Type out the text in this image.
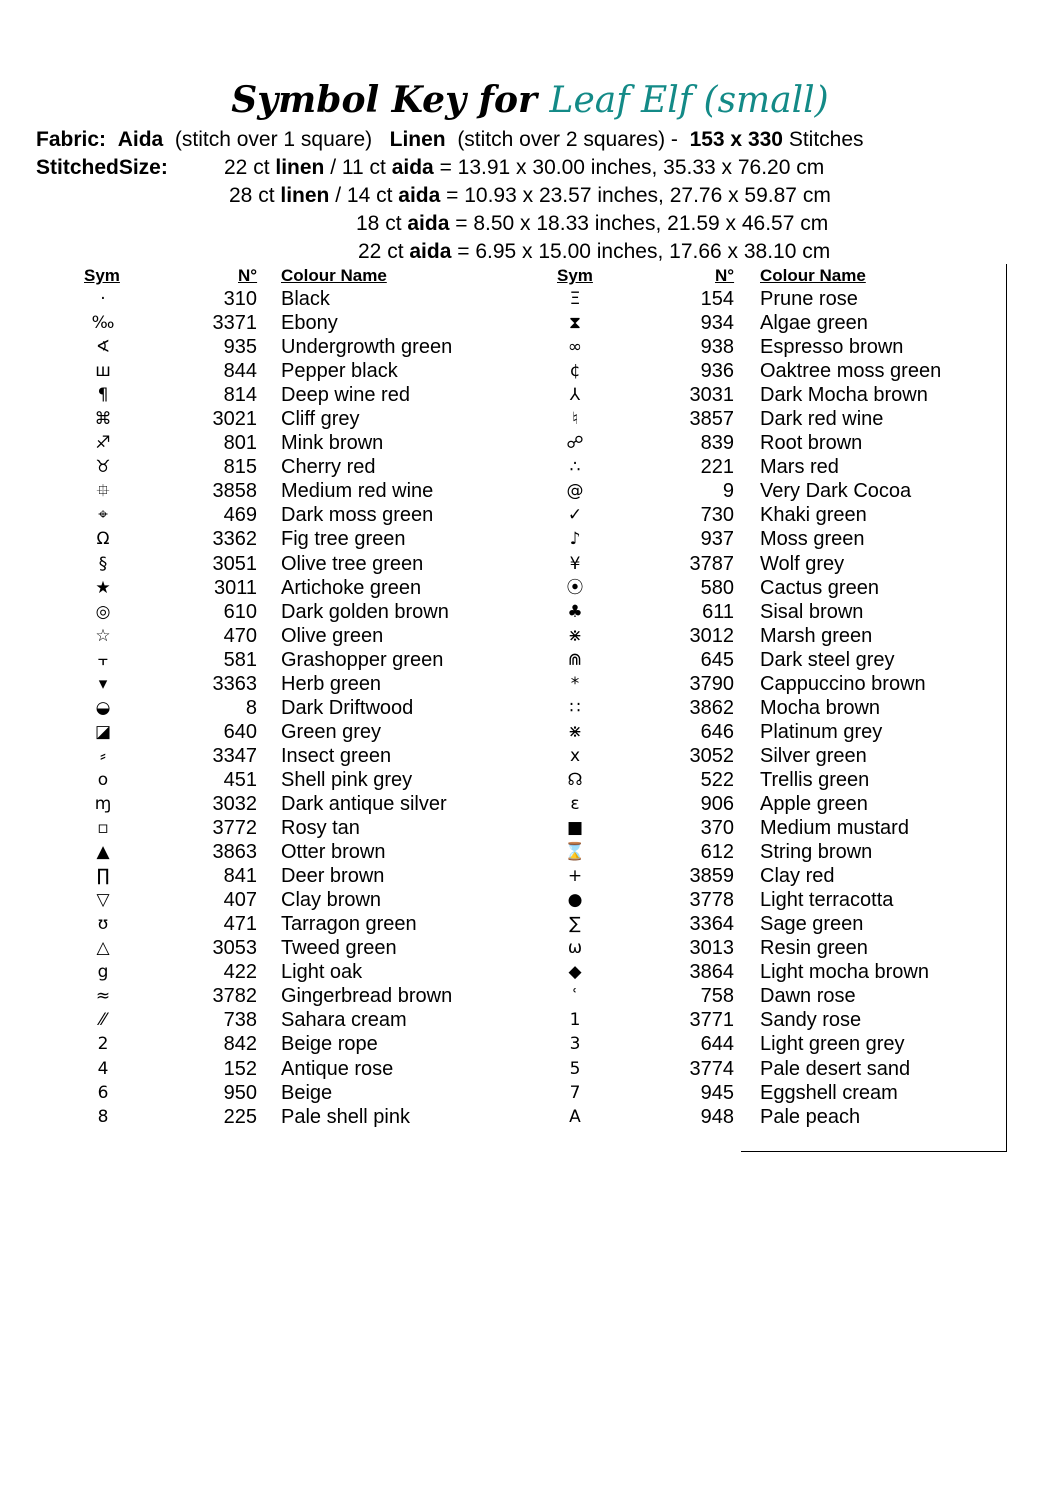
Symbol Key for Leaf Elf (small)
Fabric: Aida (stitch over 1 square) Linen (stitch over 2 squares) - 153 x 330 Stitches
StitchedSize:	22 ct linen / 11 ct aida = 13.91 x 30.00 inches, 35.33 x 76.20 cm
28 ct linen / 14 ct aida = 10.93 x 23.57 inches, 27.76 x 59.87 cm
18 ct aida = 8.50 x 18.33 inches, 21.59 x 46.57 cm
22 ct aida = 6.95 x 15.00 inches, 17.66 x 38.10 cm
Sym	N° Colour Name	Sym	N° Colour Name
·	310 Black
‰	3371 Ebony
∢	935 Undergrowth green
ш	844 Pepper black
¶	814 Deep wine red
⌘	3021 Cliff grey
♐	801 Mink brown
♉	815 Cherry red
⯐	3858 Medium red wine
⌖	469 Dark moss green
Ω	3362 Fig tree green
§	3051 Olive tree green
★	3011 Artichoke green
◎	610 Dark golden brown
☆	470 Olive green
⫟	581 Grashopper green
▾	3363 Herb green
◒	8 Dark Driftwood
◪	640 Green grey
⸗	3347 Insect green
o	451 Shell pink grey
ɱ	3032 Dark antique silver
▫	3772 Rosy tan
▲	3863 Otter brown
∏	841 Deer brown
▽	407 Clay brown
ʊ	471 Tarragon green
△	3053 Tweed green
g	422 Light oak
≈	3782 Gingerbread brown
⁄⁄	738 Sahara cream
2	842 Beige rope
4	152 Antique rose
6	950 Beige
8	225 Pale shell pink
Ξ	154 Prune rose
⧗	934 Algae green
∞	938 Espresso brown
¢	936 Oaktree moss green
⅄	3031 Dark Mocha brown
♮	3857 Dark red wine
☍	839 Root brown
∴	221 Mars red
@	9 Very Dark Cocoa
✓	730 Khaki green
♪	937 Moss green
¥	3787 Wolf grey
⦿	580 Cactus green
♣	611 Sisal brown
⋇	3012 Marsh green
⋒	645 Dark steel grey
*	3790 Cappuccino brown
∷	3862 Mocha brown
⋇	646 Platinum grey
x	3052 Silver green
☊	522 Trellis green
ε	906 Apple green
■	370 Medium mustard
⌛	612 String brown
+	3859 Clay red
●	3778 Light terracotta
∑	3364 Sage green
ω	3013 Resin green
◆	3864 Light mocha brown
ʿ	758 Dawn rose
1	3771 Sandy rose
3	644 Light green grey
5	3774 Pale desert sand
7	945 Eggshell cream
A	948 Pale peach
